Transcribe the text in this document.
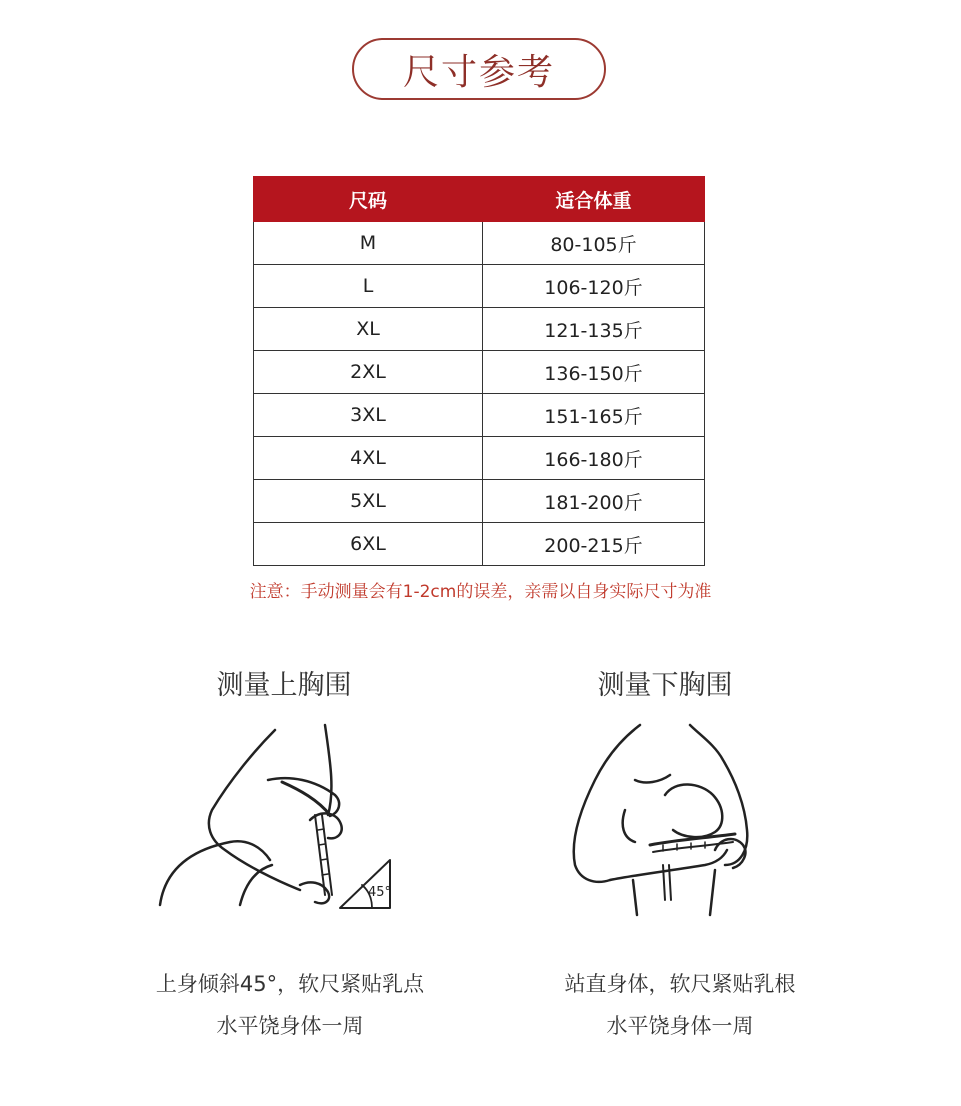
尺寸参考
尺码	适合体重
M	80-105斤
L	106-120斤
XL	121-135斤
2XL	136-150斤
3XL	151-165斤
4XL	166-180斤
5XL	181-200斤
6XL	200-215斤
注意：手动测量会有1-2cm的误差，亲需以自身实际尺寸为准
测量上胸围
45°
上身倾斜45°，软尺紧贴乳点
水平饶身体一周
测量下胸围
站直身体，软尺紧贴乳根
水平饶身体一周
